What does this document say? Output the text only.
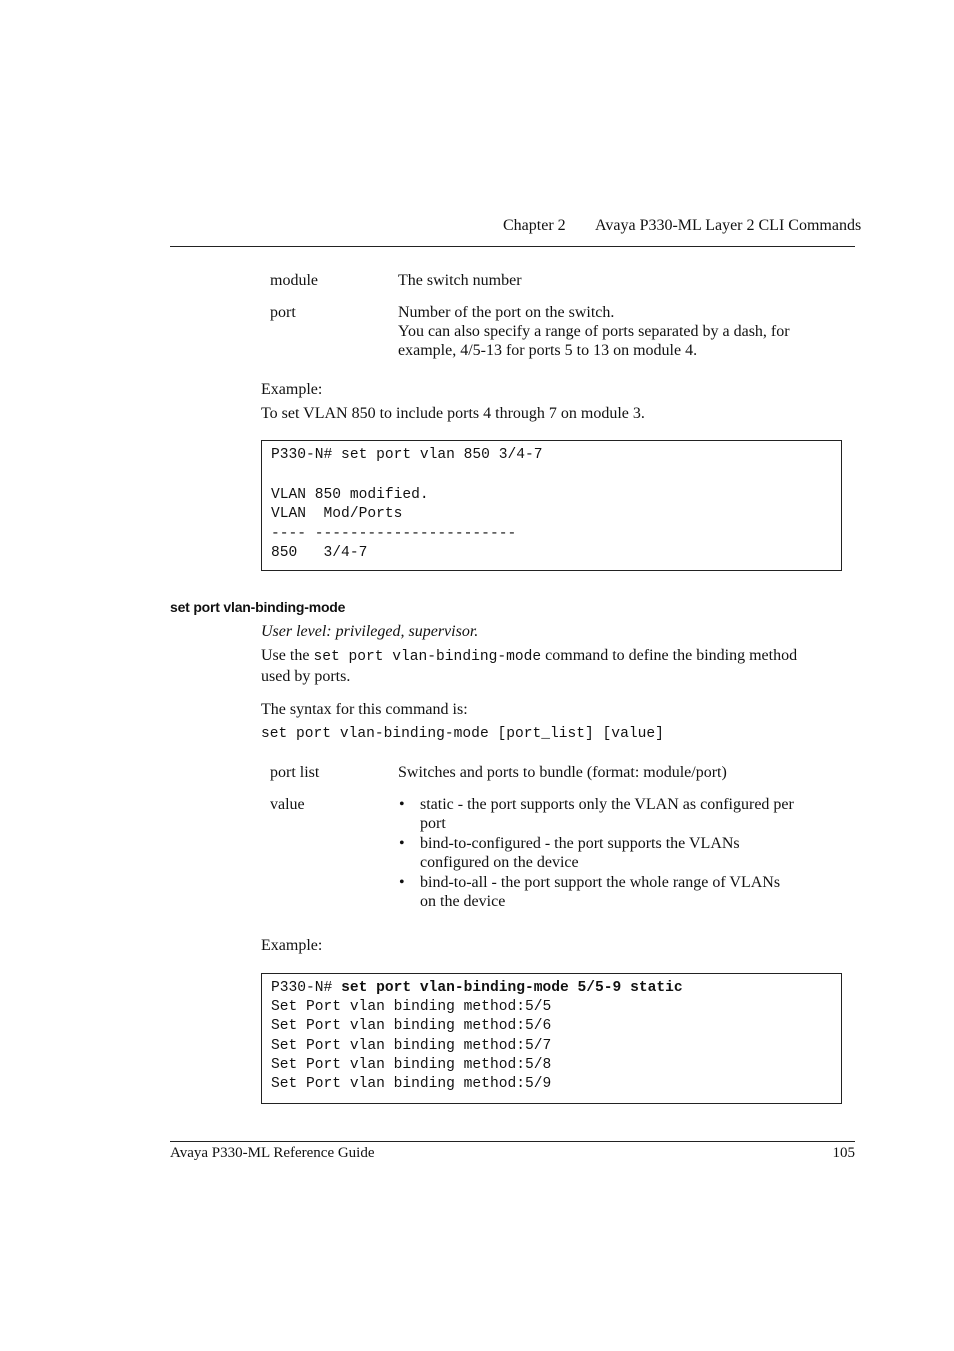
Chapter 2 Avaya P330-ML Layer 2 CLI Commands
module	The switch number
port	Number of the port on the switch.
You can also specify a range of ports separated by a dash, for
example, 4/5-13 for ports 5 to 13 on module 4.
Example:
To set VLAN 850 to include ports 4 through 7 on module 3.
P330-N# set port vlan 850 3/4-7
VLAN 850 modified.
VLAN  Mod/Ports
---- -----------------------
850   3/4-7
set port vlan-binding-mode
User level: privileged, supervisor.
Use the set port vlan-binding-mode command to define the binding method
used by ports.
The syntax for this command is:
set port vlan-binding-mode [port_list] [value]
port list	Switches and ports to bundle (format: module/port)
value	• static - the port supports only the VLAN as configured per
port
• bind-to-configured - the port supports the VLANs
configured on the device
• bind-to-all - the port support the whole range of VLANs
on the device
Example:
P330-N# set port vlan-binding-mode 5/5-9 static
Set Port vlan binding method:5/5
Set Port vlan binding method:5/6
Set Port vlan binding method:5/7
Set Port vlan binding method:5/8
Set Port vlan binding method:5/9
Avaya P330-ML Reference Guide	105
